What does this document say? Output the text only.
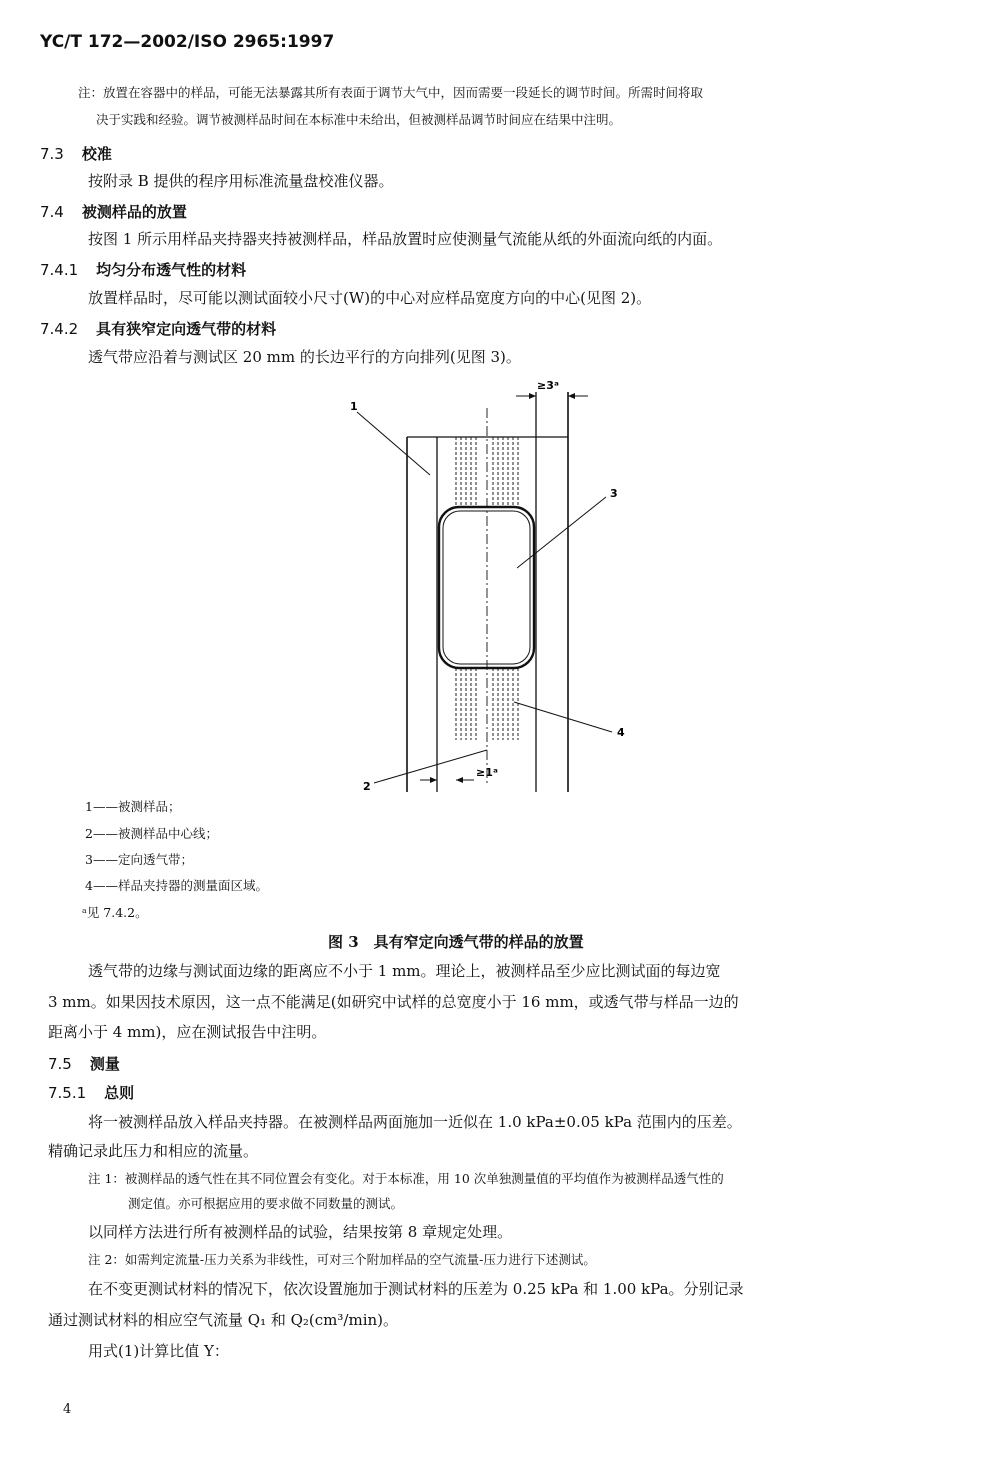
YC/T 172—2002/ISO 2965:1997
注：放置在容器中的样品，可能无法暴露其所有表面于调节大气中，因而需要一段延长的调节时间。所需时间将取
决于实践和经验。调节被测样品时间在本标准中未给出，但被测样品调节时间应在结果中注明。
7.3 校准
按附录 B 提供的程序用标准流量盘校准仪器。
7.4 被测样品的放置
按图 1 所示用样品夹持器夹持被测样品，样品放置时应使测量气流能从纸的外面流向纸的内面。
7.4.1 均匀分布透气性的材料
放置样品时，尽可能以测试面较小尺寸(W)的中心对应样品宽度方向的中心(见图 2)。
7.4.2 具有狭窄定向透气带的材料
透气带应沿着与测试区 20 mm 的长边平行的方向排列(见图 3)。
1
3
4
2
≥3ᵃ
≥1ᵃ
1——被测样品；
2——被测样品中心线；
3——定向透气带；
4——样品夹持器的测量面区域。
ᵃ见 7.4.2。
图 3　具有窄定向透气带的样品的放置
透气带的边缘与测试面边缘的距离应不小于 1 mm。理论上，被测样品至少应比测试面的每边宽
3 mm。如果因技术原因，这一点不能满足(如研究中试样的总宽度小于 16 mm，或透气带与样品一边的
距离小于 4 mm)，应在测试报告中注明。
7.5 测量
7.5.1 总则
将一被测样品放入样品夹持器。在被测样品两面施加一近似在 1.0 kPa±0.05 kPa 范围内的压差。
精确记录此压力和相应的流量。
注 1：被测样品的透气性在其不同位置会有变化。对于本标准，用 10 次单独测量值的平均值作为被测样品透气性的
测定值。亦可根据应用的要求做不同数量的测试。
以同样方法进行所有被测样品的试验，结果按第 8 章规定处理。
注 2：如需判定流量-压力关系为非线性，可对三个附加样品的空气流量-压力进行下述测试。
在不变更测试材料的情况下，依次设置施加于测试材料的压差为 0.25 kPa 和 1.00 kPa。分别记录
通过测试材料的相应空气流量 Q₁ 和 Q₂(cm³/min)。
用式(1)计算比值 Y：
4
